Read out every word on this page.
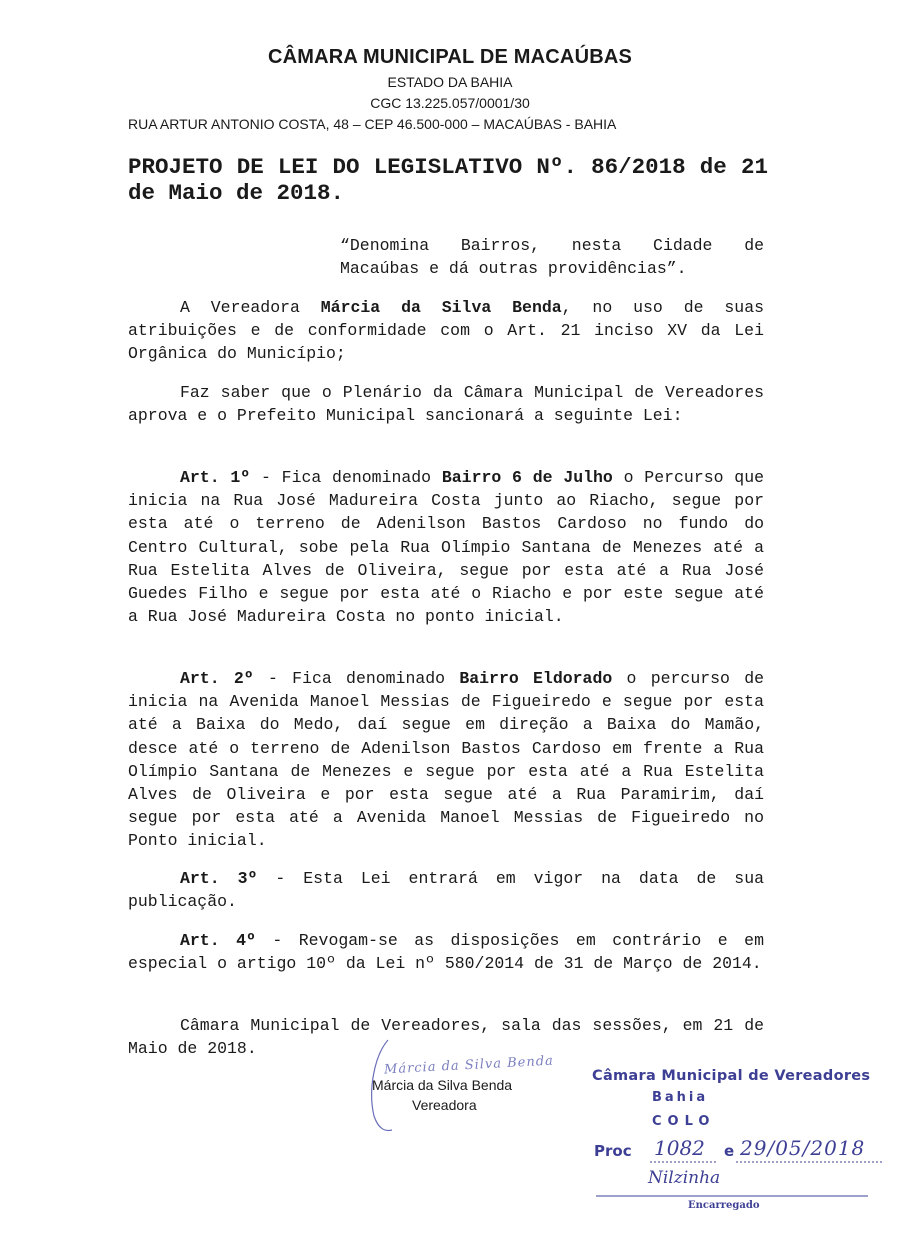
CÂMARA MUNICIPAL DE MACAÚBAS
ESTADO DA BAHIA
CGC 13.225.057/0001/30
RUA ARTUR ANTONIO COSTA, 48 – CEP 46.500-000 – MACAÚBAS - BAHIA
PROJETO DE LEI DO LEGISLATIVO Nº. 86/2018 de 21 de Maio de 2018.
“Denomina Bairros, nesta Cidade de Macaúbas e dá outras providências”.
A Vereadora Márcia da Silva Benda, no uso de suas atribuições e de conformidade com o Art. 21 inciso XV da Lei Orgânica do Município;
Faz saber que o Plenário da Câmara Municipal de Vereadores aprova e o Prefeito Municipal sancionará a seguinte Lei:
Art. 1º - Fica denominado Bairro 6 de Julho o Percurso que inicia na Rua José Madureira Costa junto ao Riacho, segue por esta até o terreno de Adenilson Bastos Cardoso no fundo do Centro Cultural, sobe pela Rua Olímpio Santana de Menezes até a Rua Estelita Alves de Oliveira, segue por esta até a Rua José Guedes Filho e segue por esta até o Riacho e por este segue até a Rua José Madureira Costa no ponto inicial.
Art. 2º - Fica denominado Bairro Eldorado o percurso de inicia na Avenida Manoel Messias de Figueiredo e segue por esta até a Baixa do Medo, daí segue em direção a Baixa do Mamão, desce até o terreno de Adenilson Bastos Cardoso em frente a Rua Olímpio Santana de Menezes e segue por esta até a Rua Estelita Alves de Oliveira e por esta segue até a Rua Paramirim, daí segue por esta até a Avenida Manoel Messias de Figueiredo no Ponto inicial.
Art. 3º - Esta Lei entrará em vigor na data de sua publicação.
Art. 4º - Revogam-se as disposições em contrário e em especial o artigo 10º da Lei nº 580/2014 de 31 de Março de 2014.
Câmara Municipal de Vereadores, sala das sessões, em 21 de Maio de 2018.
Márcia da Silva Benda
Márcia da Silva Benda
Vereadora
Câmara Municipal de Vereadores
Bahia
COLO
Proc 1082 e 29/05/2018
Nilzinha
Encarregado
